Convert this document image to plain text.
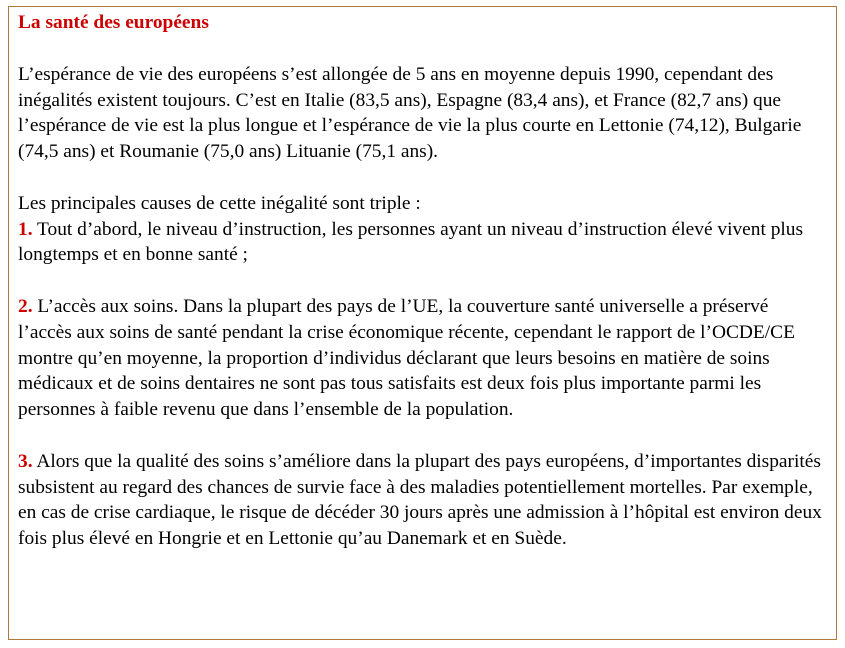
La santé des européens

L’espérance de vie des européens s’est allongée de 5 ans en moyenne depuis 1990, cependant des inégalités existent toujours. C’est en Italie (83,5 ans), Espagne (83,4 ans), et France (82,7 ans) que l’espérance de vie est la plus longue et l’espérance de vie la plus courte en Lettonie (74,12), Bulgarie (74,5 ans) et Roumanie (75,0 ans) Lituanie (75,1 ans).

Les principales causes de cette inégalité sont triple :

1. Tout d’abord, le niveau d’instruction, les personnes ayant un niveau d’instruction élevé vivent plus longtemps et en bonne santé ;

2. L’accès aux soins. Dans la plupart des pays de l’UE, la couverture santé universelle a préservé l’accès aux soins de santé pendant la crise économique récente, cependant le rapport de l’OCDE/CE montre qu’en moyenne, la proportion d’individus déclarant que leurs besoins en matière de soins médicaux et de soins dentaires ne sont pas tous satisfaits est deux fois plus importante parmi les personnes à faible revenu que dans l’ensemble de la population.

3. Alors que la qualité des soins s’améliore dans la plupart des pays européens, d’importantes disparités subsistent au regard des chances de survie face à des maladies potentiellement mortelles. Par exemple, en cas de crise cardiaque, le risque de décéder 30 jours après une admission à l’hôpital est environ deux fois plus élevé en Hongrie et en Lettonie qu’au Danemark et en Suède.
